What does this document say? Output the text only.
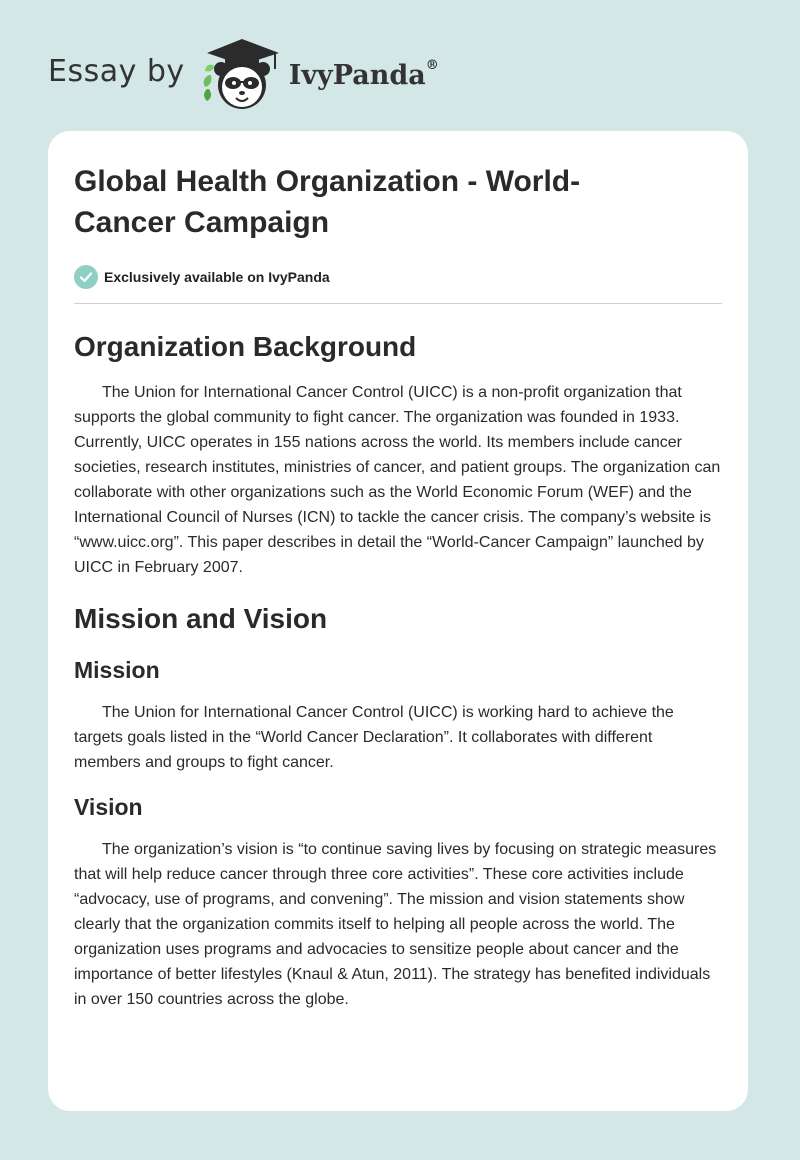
Essay by	IvyPanda®
Global Health Organization - World-
Cancer Campaign
Exclusively available on IvyPanda
Organization Background

The Union for International Cancer Control (UICC) is a non-profit organization that supports the global community to fight cancer. The organization was founded in 1933. Currently, UICC operates in 155 nations across the world. Its members include cancer societies, research institutes, ministries of cancer, and patient groups. The organization can collaborate with other organizations such as the World Economic Forum (WEF) and the International Council of Nurses (ICN) to tackle the cancer crisis. The company’s website is “www.uicc.org”. This paper describes in detail the “World-Cancer Campaign” launched by UICC in February 2007.

Mission and Vision
Mission

The Union for International Cancer Control (UICC) is working hard to achieve the targets goals listed in the “World Cancer Declaration”. It collaborates with different members and groups to fight cancer.

Vision

The organization’s vision is “to continue saving lives by focusing on strategic measures that will help reduce cancer through three core activities”. These core activities include “advocacy, use of programs, and convening”. The mission and vision statements show clearly that the organization commits itself to helping all people across the world. The organization uses programs and advocacies to sensitize people about cancer and the importance of better lifestyles (Knaul & Atun, 2011). The strategy has benefited individuals in over 150 countries across the globe.
